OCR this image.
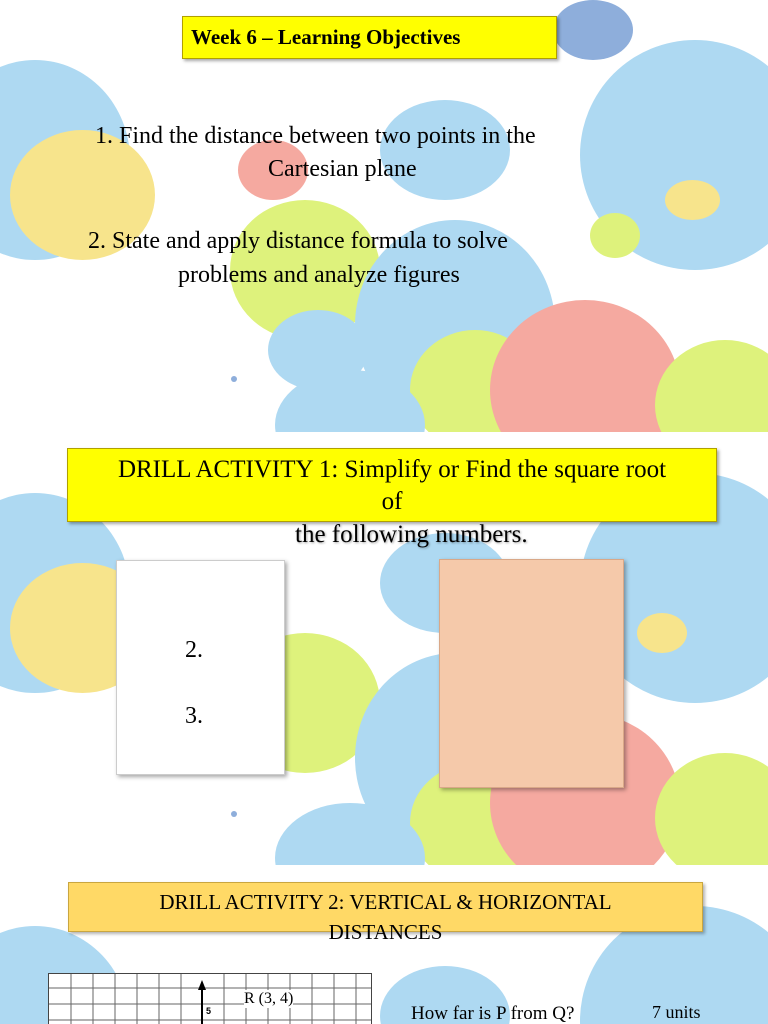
Week 6 – Learning Objectives
1. Find the distance between two points in the
Cartesian plane
2. State and apply distance formula to solve
problems and analyze figures
DRILL ACTIVITY 1: Simplify or Find the square root
of
the following numbers.
2.
3.
DRILL ACTIVITY 2: VERTICAL & HORIZONTAL
DISTANCES
5
R (3, 4)
How far is P from Q?	7 units
